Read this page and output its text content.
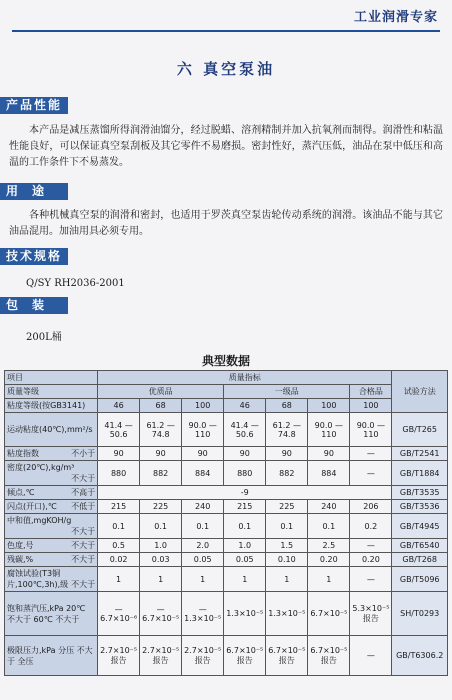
工业润滑专家
六 真空泵油
产品性能
本产品是减压蒸馏所得润滑油馏分，经过脱蜡、溶剂精制并加入抗氧剂而制得。润滑性和粘温性能良好，可以保证真空泵刮板及其它零件不易磨损。密封性好，蒸汽压低，油品在泵中低压和高温的工作条件下不易蒸发。
用途
各种机械真空泵的润滑和密封，也适用于罗茨真空泵齿轮传动系统的润滑。该油品不能与其它油品混用。加油用具必须专用。
技术规格
Q/SY RH2036-2001
包装
200L桶
典型数据
项目	质量指标							试验方法
质量等级	优质品			一级品			合格品	
粘度等级(按GB3141)	46	68	100	46	68	100	100	
运动粘度(40℃),mm²/s	41.4 — 50.6	61.2 — 74.8	90.0 — 110	41.4 — 50.6	61.2 — 74.8	90.0 — 110	90.0 — 110	GB/T265
粘度指数 不小于	90	90	90	90	90	90	—	GB/T2541
密度(20℃),kg/m³
不大于	880	882	884	880	882	884	—	GB/T1884
倾点,℃ 不高于	-9							GB/T3535
闪点(开口),℃ 不低于	215	225	240	215	225	240	206	GB/T3536
中和值,mgKOH/g
不大于	0.1	0.1	0.1	0.1	0.1	0.1	0.2	GB/T4945
色度,号 不大于	0.5	1.0	2.0	1.0	1.5	2.5	—	GB/T6540
残碳,% 不大于	0.02	0.03	0.05	0.05	0.10	0.20	0.20	GB/T268
腐蚀试验(T3铜片,100℃,3h),级 不大于	1	1	1	1	1	1	—	GB/T5096
饱和蒸汽压,kPa 20℃ 不大于 60℃ 不大于	— 6.7×10⁻⁶	— 6.7×10⁻⁵	— 1.3×10⁻⁵	1.3×10⁻⁵	1.3×10⁻⁵	6.7×10⁻⁵	5.3×10⁻⁵ 报告	SH/T0293
极限压力,kPa 分压 不大于 全压	2.7×10⁻⁵ 报告	2.7×10⁻⁵ 报告	2.7×10⁻⁵ 报告	6.7×10⁻⁵ 报告	6.7×10⁻⁵ 报告	6.7×10⁻⁵ 报告	—	GB/T6306.2
